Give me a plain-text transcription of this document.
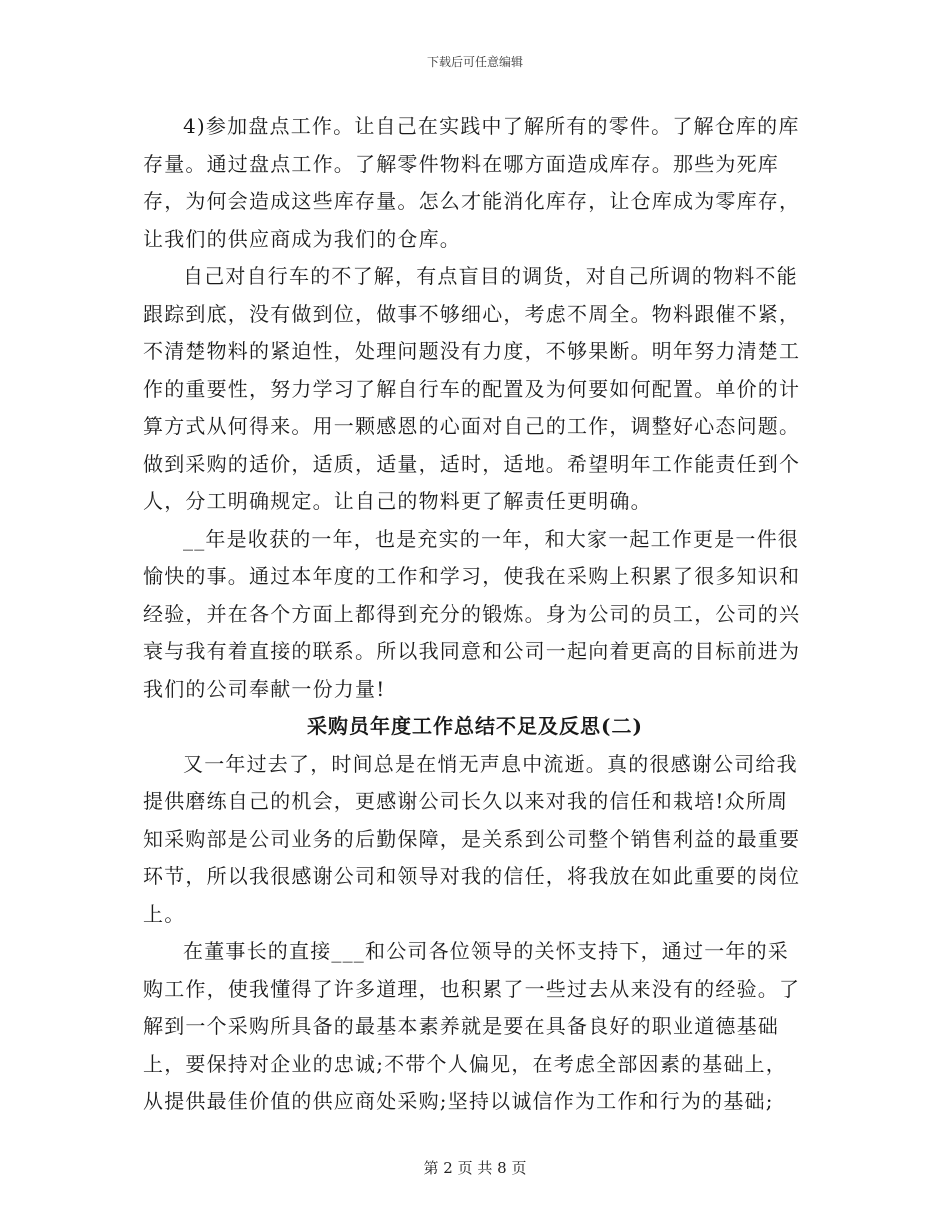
下载后可任意编辑

4)参加盘点工作。让自己在实践中了解所有的零件。了解仓库的库存量。通过盘点工作。了解零件物料在哪方面造成库存。那些为死库存，为何会造成这些库存量。怎么才能消化库存，让仓库成为零库存，让我们的供应商成为我们的仓库。

自己对自行车的不了解，有点盲目的调货，对自己所调的物料不能跟踪到底，没有做到位，做事不够细心，考虑不周全。物料跟催不紧，不清楚物料的紧迫性，处理问题没有力度，不够果断。明年努力清楚工作的重要性，努力学习了解自行车的配置及为何要如何配置。单价的计算方式从何得来。用一颗感恩的心面对自己的工作，调整好心态问题。做到采购的适价，适质，适量，适时，适地。希望明年工作能责任到个人，分工明确规定。让自己的物料更了解责任更明确。

__年是收获的一年，也是充实的一年，和大家一起工作更是一件很愉快的事。通过本年度的工作和学习，使我在采购上积累了很多知识和经验，并在各个方面上都得到充分的锻炼。身为公司的员工，公司的兴衰与我有着直接的联系。所以我同意和公司一起向着更高的目标前进为我们的公司奉献一份力量!

采购员年度工作总结不足及反思(二)

又一年过去了，时间总是在悄无声息中流逝。真的很感谢公司给我提供磨练自己的机会，更感谢公司长久以来对我的信任和栽培!众所周知采购部是公司业务的后勤保障，是关系到公司整个销售利益的最重要环节，所以我很感谢公司和领导对我的信任，将我放在如此重要的岗位上。

在董事长的直接___和公司各位领导的关怀支持下，通过一年的采购工作，使我懂得了许多道理，也积累了一些过去从来没有的经验。了解到一个采购所具备的最基本素养就是要在具备良好的职业道德基础上，要保持对企业的忠诚;不带个人偏见，在考虑全部因素的基础上，从提供最佳价值的供应商处采购;坚持以诚信作为工作和行为的基础;

第 2 页 共 8 页
